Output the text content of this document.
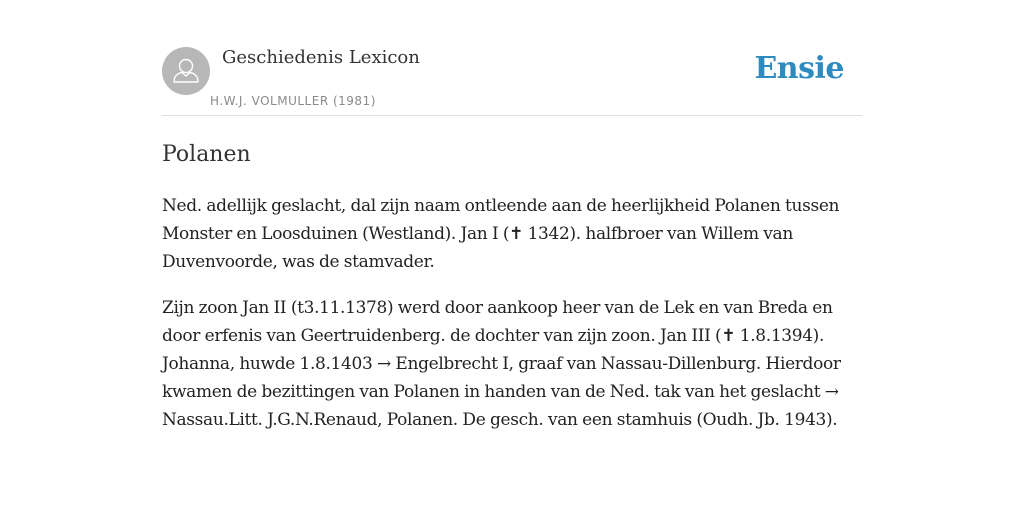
Geschiedenis Lexicon
H.W.J. VOLMULLER (1981)
Ensie
Polanen

Ned. adellijk geslacht, dal zijn naam ontleende aan de heerlijkheid Polanen tussen Monster en Loosduinen (Westland). Jan I (✝ 1342). halfbroer van Willem van Duvenvoorde, was de stamvader.

Zijn zoon Jan II (t3.11.1378) werd door aankoop heer van de Lek en van Breda en door erfenis van Geertruidenberg. de dochter van zijn zoon. Jan III (✝ 1.8.1394). Johanna, huwde 1.8.1403 → Engelbrecht I, graaf van Nassau-Dillenburg. Hierdoor kwamen de bezittingen van Polanen in handen van de Ned. tak van het geslacht → Nassau.Litt. J.G.N.Renaud, Polanen. De gesch. van een stamhuis (Oudh. Jb. 1943).
